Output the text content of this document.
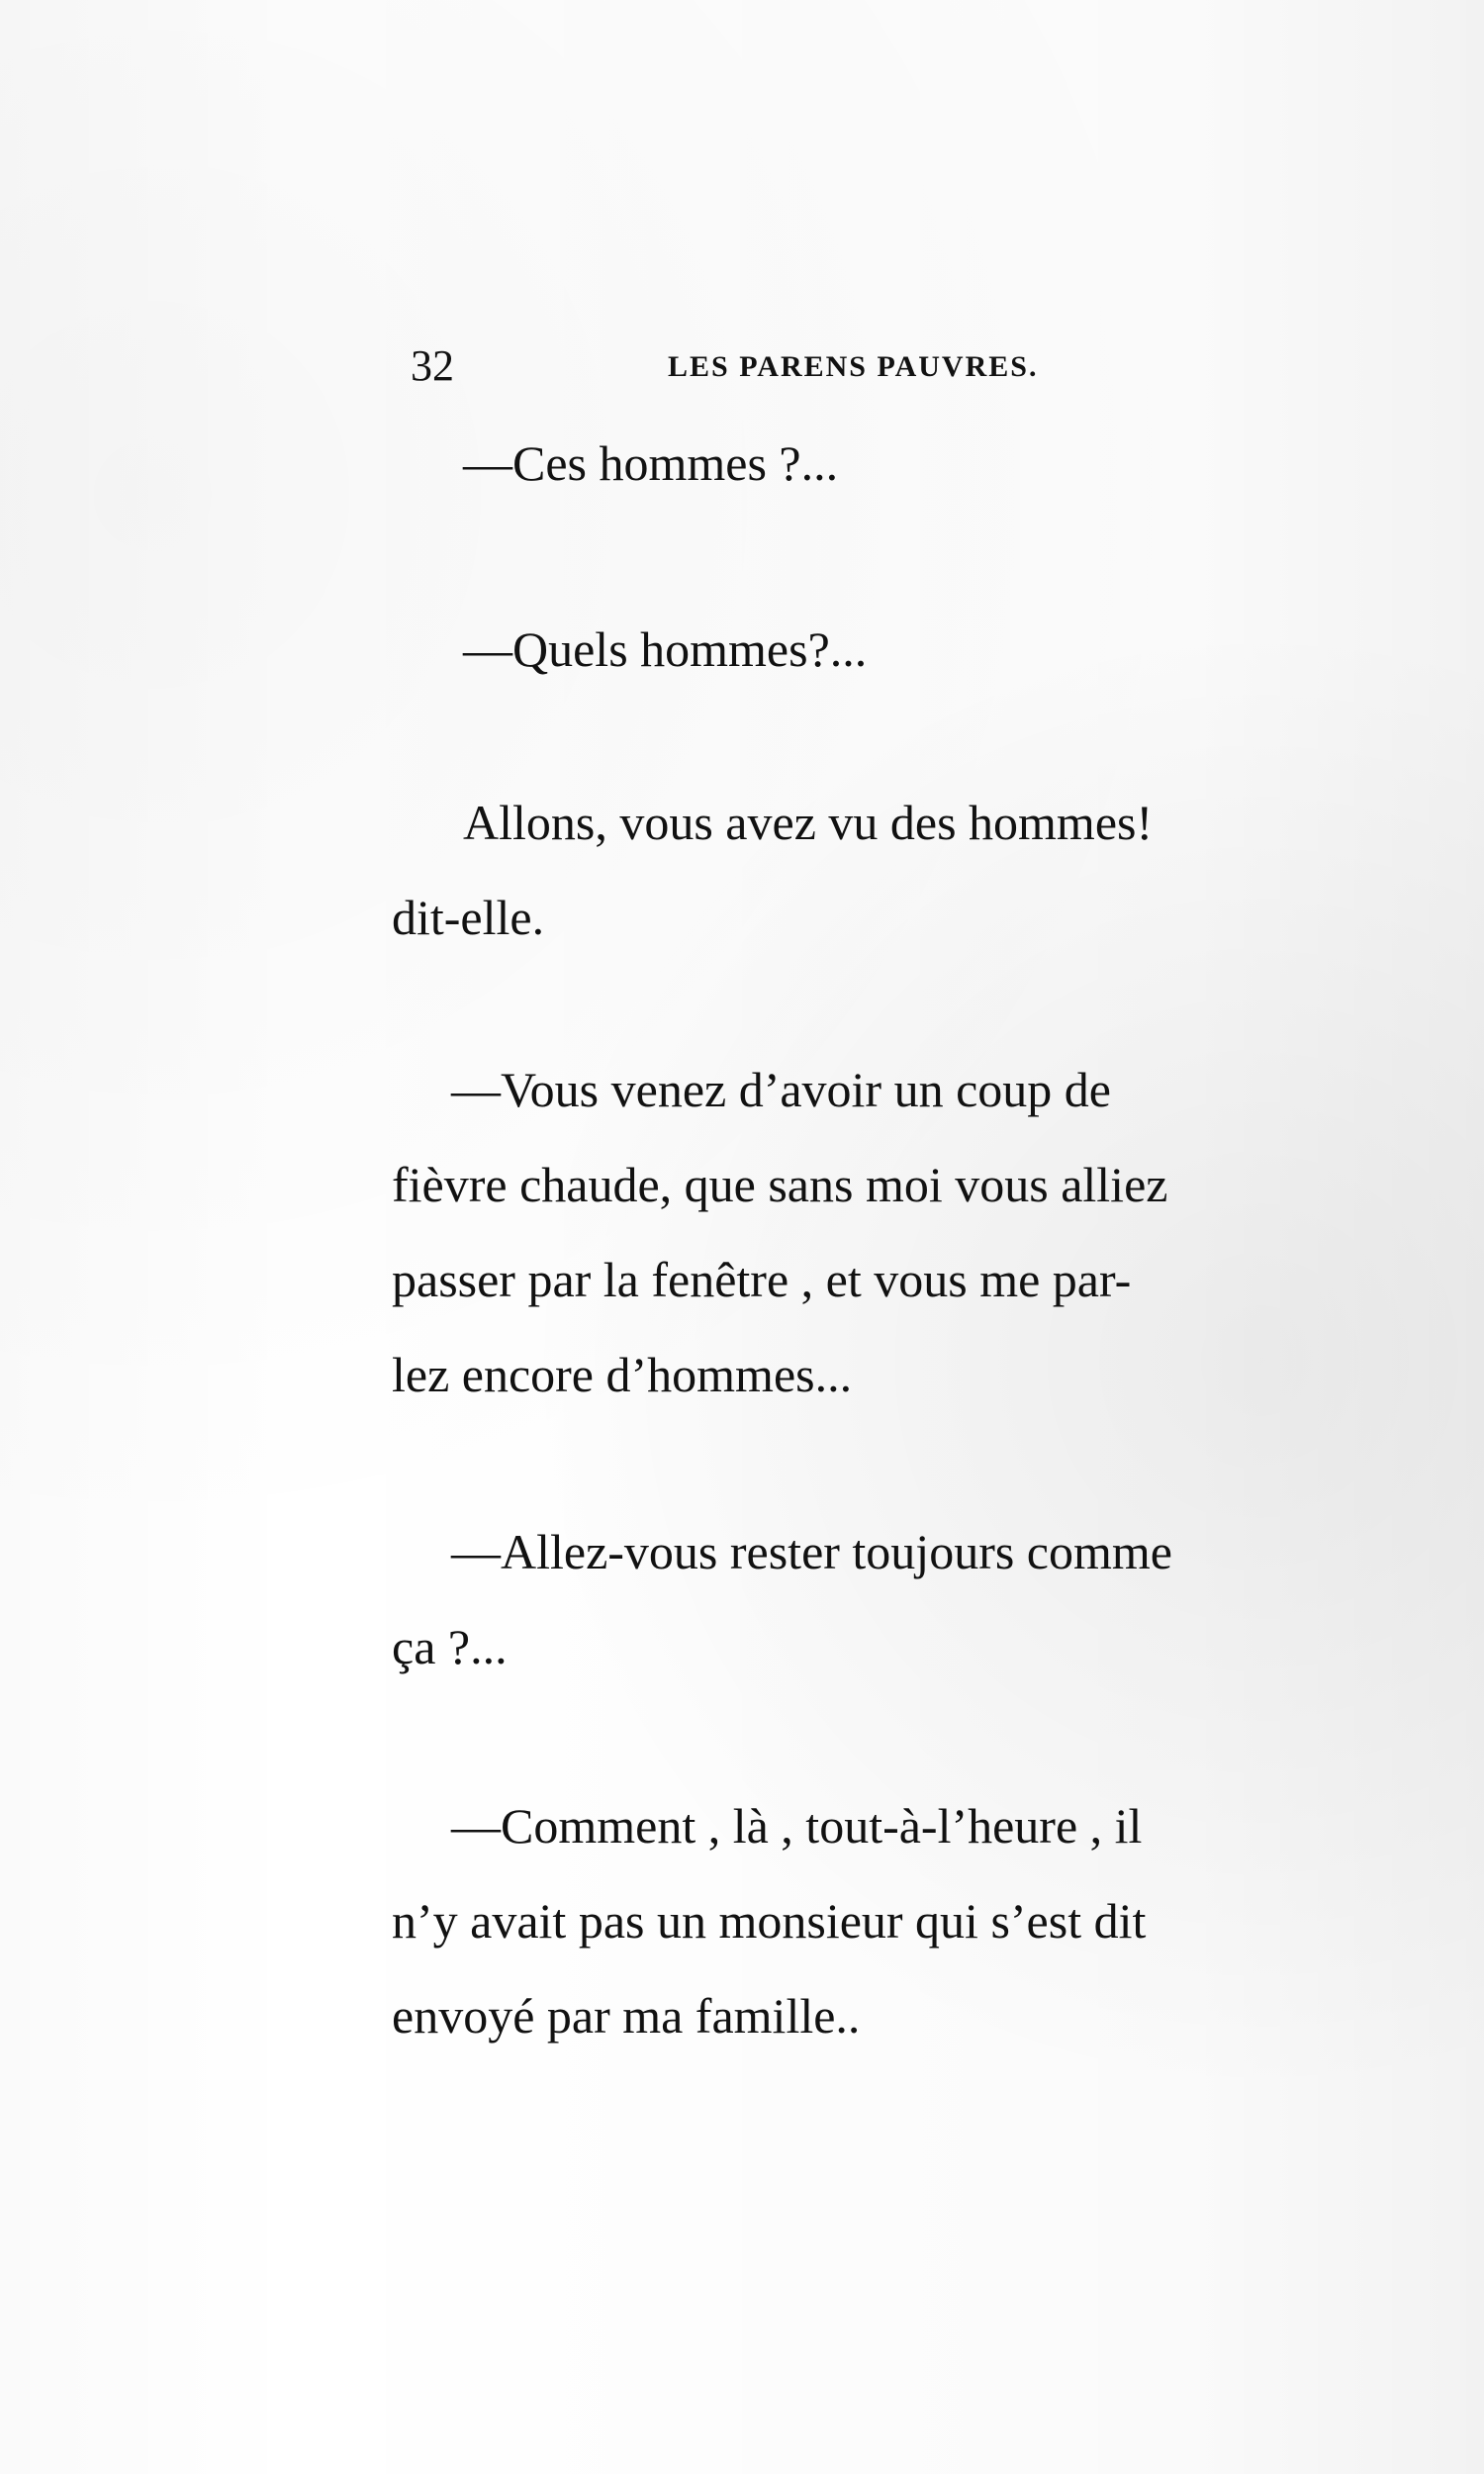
32	LES PARENS PAUVRES.
—Ces hommes ?...
—Quels hommes?...
Allons, vous avez vu des hommes!
dit-elle.
—Vous venez d’avoir un coup de
fièvre chaude, que sans moi vous alliez
passer par la fenêtre , et vous me par-
lez encore d’hommes...
—Allez-vous rester toujours comme
ça ?...
—Comment , là , tout-à-l’heure , il
n’y avait pas un monsieur qui s’est dit
envoyé par ma famille..
